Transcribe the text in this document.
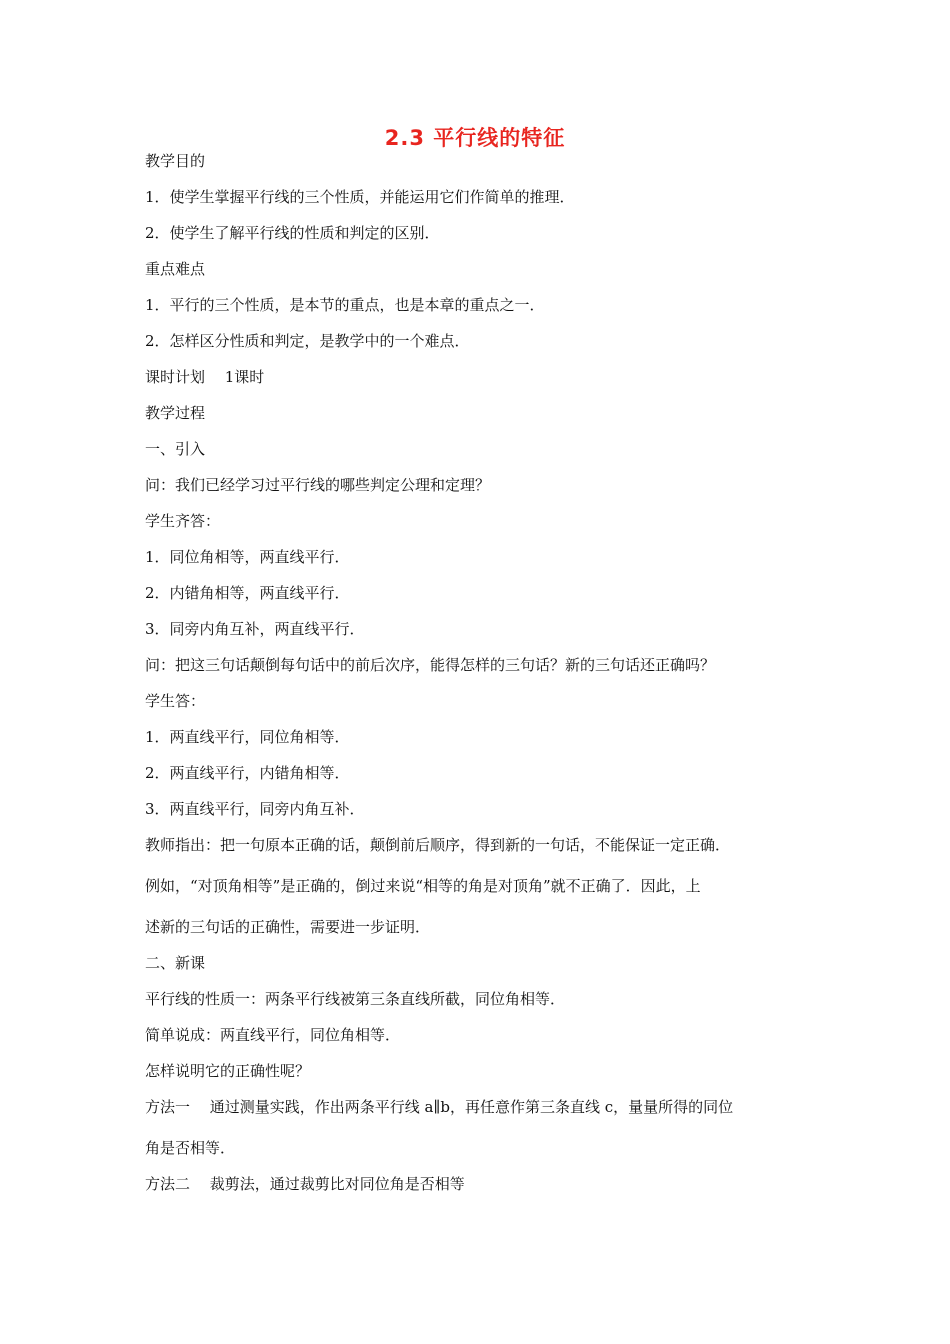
2.3 平行线的特征
教学目的
1．使学生掌握平行线的三个性质，并能运用它们作简单的推理．
2．使学生了解平行线的性质和判定的区别．
重点难点
1．平行的三个性质，是本节的重点，也是本章的重点之一．
2．怎样区分性质和判定，是教学中的一个难点．
课时计划　 1课时
教学过程
一、引入
问：我们已经学习过平行线的哪些判定公理和定理？
学生齐答：
1．同位角相等，两直线平行．
2．内错角相等，两直线平行．
3．同旁内角互补，两直线平行．
问：把这三句话颠倒每句话中的前后次序，能得怎样的三句话？新的三句话还正确吗？
学生答：
1．两直线平行，同位角相等．
2．两直线平行，内错角相等．
3．两直线平行，同旁内角互补．
教师指出：把一句原本正确的话，颠倒前后顺序，得到新的一句话，不能保证一定正确．
例如，“对顶角相等”是正确的，倒过来说“相等的角是对顶角”就不正确了．因此，上
述新的三句话的正确性，需要进一步证明．
二、新课
平行线的性质一：两条平行线被第三条直线所截，同位角相等．
简单说成：两直线平行，同位角相等．
怎样说明它的正确性呢？
方法一　 通过测量实践，作出两条平行线 a∥b，再任意作第三条直线 c，量量所得的同位
角是否相等．
方法二　 裁剪法，通过裁剪比对同位角是否相等
